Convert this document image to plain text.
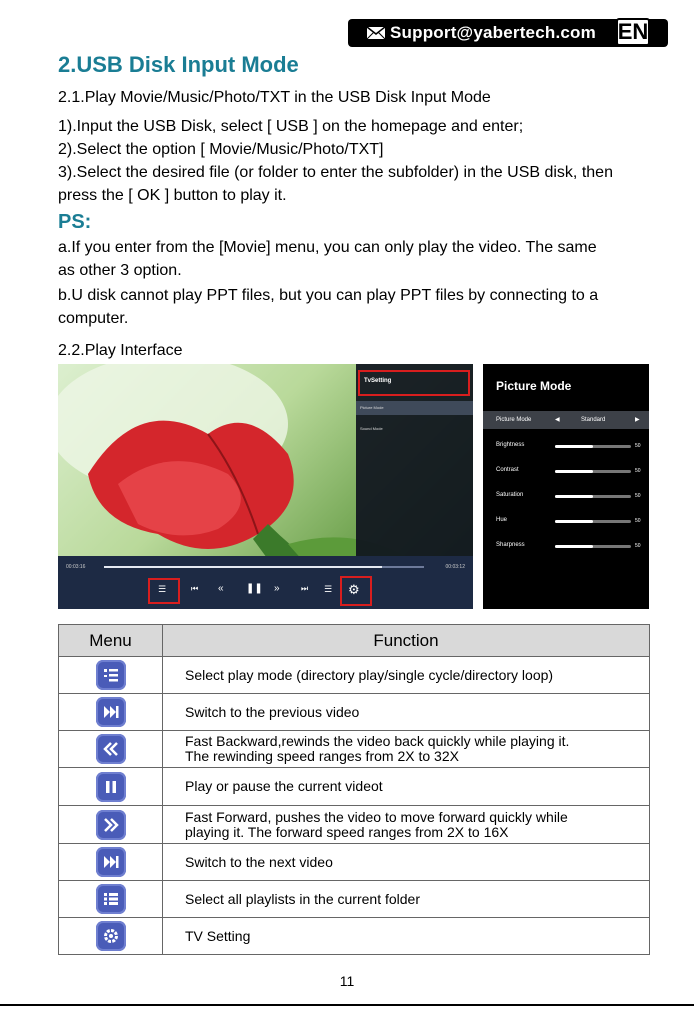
Support@yabertech.com EN
2.USB Disk Input Mode
2.1.Play Movie/Music/Photo/TXT in the USB Disk Input Mode
1).Input the USB Disk, select [ USB ] on the homepage and enter;
2).Select the option [ Movie/Music/Photo/TXT]
3).Select the desired file (or folder to enter the subfolder) in the USB disk, then
press the [ OK ] button to play it.
PS:
a.If you enter from the [Movie] menu, you can only play the video. The same
as other 3 option.
b.U disk cannot play PPT files, but you can play PPT files by connecting to a
computer.
2.2.Play Interface
TvSetting
Picture Mode
Sound Mode
00:03:16	00:03:12
☰	⏮ « ❚❚ »	⏭ ☰ ⚙
Picture Mode
Picture Mode	◀	Standard	▶
Brightness	50
Contrast	50
Saturation	50
Hue	50
Sharpness	50
Menu	Function

Select play mode (directory play/single cycle/directory loop)

Switch to the previous video

Fast Backward,rewinds the video back quickly while playing it.
The rewinding speed ranges from 2X to 32X

Play or pause the current videot

Fast Forward, pushes the video to move forward quickly while
playing it. The forward speed ranges from 2X to 16X

Switch to the next video

Select all playlists in the current folder

TV Setting
11
